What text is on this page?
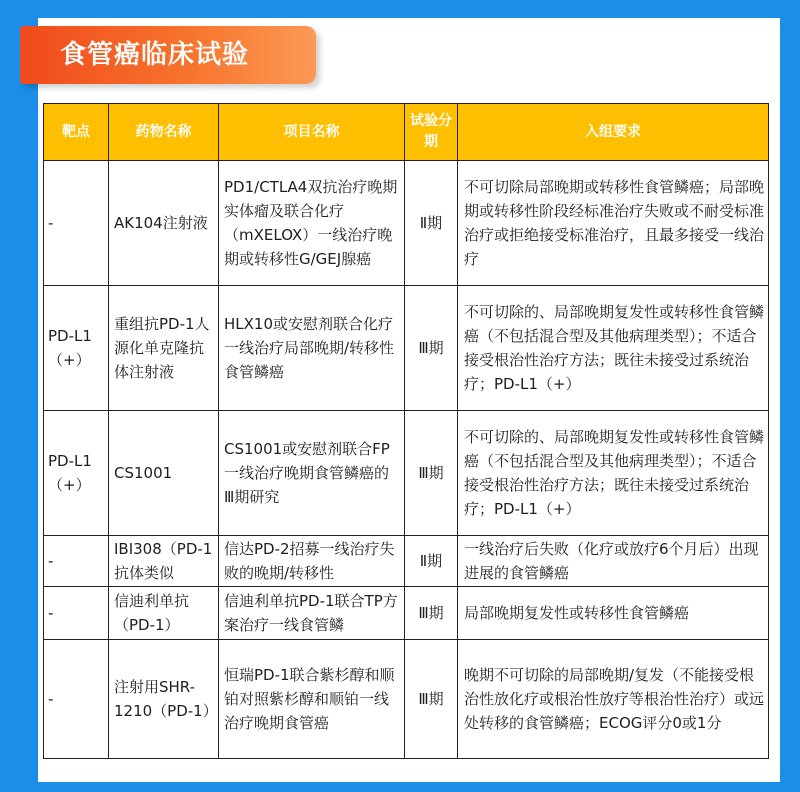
食管癌临床试验
靶点	药物名称	项目名称	试验分期	入组要求
-	AK104注射液	PD1/CTLA4双抗治疗晚期实体瘤及联合化疗（mXELOX）一线治疗晚期或转移性G/GEJ腺癌	Ⅱ期	不可切除局部晚期或转移性食管鳞癌；局部晚期或转移性阶段经标准治疗失败或不耐受标准治疗或拒绝接受标准治疗，且最多接受一线治疗
PD-L1（+）	重组抗PD-1人源化单克隆抗体注射液	HLX10或安慰剂联合化疗一线治疗局部晚期/转移性食管鳞癌	Ⅲ期	不可切除的、局部晚期复发性或转移性食管鳞癌（不包括混合型及其他病理类型）；不适合接受根治性治疗方法；既往未接受过系统治疗；PD-L1（+）
PD-L1（+）	CS1001	CS1001或安慰剂联合FP一线治疗晚期食管鳞癌的Ⅲ期研究	Ⅲ期	不可切除的、局部晚期复发性或转移性食管鳞癌（不包括混合型及其他病理类型）；不适合接受根治性治疗方法；既往未接受过系统治疗；PD-L1（+）
-	IBI308（PD-1抗体类似	信达PD-2招募一线治疗失败的晚期/转移性	Ⅱ期	一线治疗后失败（化疗或放疗6个月后）出现进展的食管鳞癌
-	信迪利单抗（PD-1）	信迪利单抗PD-1联合TP方案治疗一线食管鳞	Ⅲ期	局部晚期复发性或转移性食管鳞癌
-	注射用SHR-1210（PD-1）	恒瑞PD-1联合紫杉醇和顺铂对照紫杉醇和顺铂一线治疗晚期食管癌	Ⅲ期	晚期不可切除的局部晚期/复发（不能接受根治性放化疗或根治性放疗等根治性治疗）或远处转移的食管鳞癌；ECOG评分0或1分
